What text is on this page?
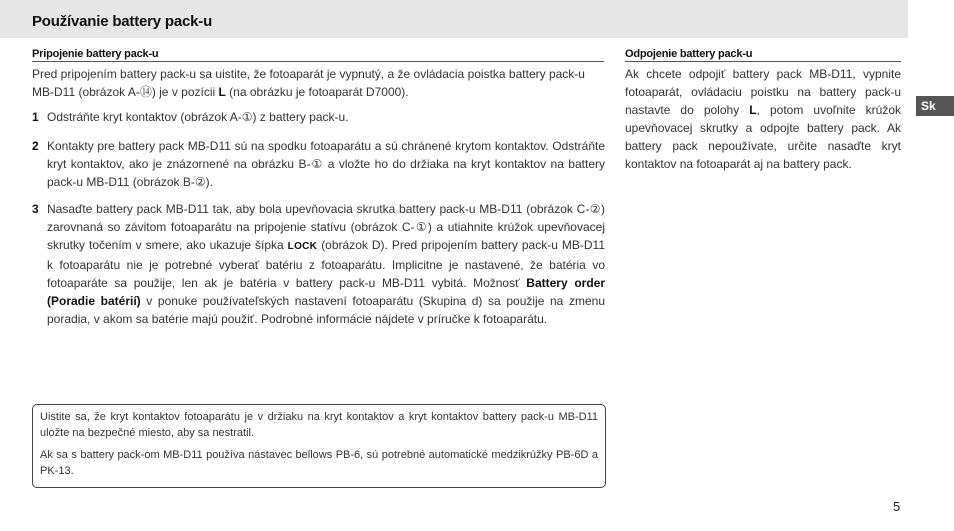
Používanie battery pack-u
Pripojenie battery pack-u
Pred pripojením battery pack-u sa uistite, že fotoaparát je vypnutý, a že ovládacia poistka battery pack-u MB-D11 (obrázok A-⑭) je v pozícii L (na obrázku je fotoaparát D7000).
1 Odstráňte kryt kontaktov (obrázok A-①) z battery pack-u.
2 Kontakty pre battery pack MB-D11 sú na spodku fotoaparátu a sú chránené krytom kontaktov. Odstráňte kryt kontaktov, ako je znázornené na obrázku B-① a vložte ho do držiaka na kryt kontaktov na battery pack-u MB-D11 (obrázok B-②).
3 Nasaďte battery pack MB-D11 tak, aby bola upevňovacia skrutka battery pack-u MB-D11 (obrázok C-②) zarovnaná so závitom fotoaparátu na pripojenie statívu (obrázok C-①) a utiahnite krúžok upevňovacej skrutky točením v smere, ako ukazuje šípka LOCK (obrázok D). Pred pripojením battery pack-u MB-D11 k fotoaparátu nie je potrebné vyberať batériu z fotoaparátu. Implicitne je nastavené, že batéria vo fotoaparáte sa použije, len ak je batéria v battery pack-u MB-D11 vybitá. Možnosť Battery order (Poradie batérií) v ponuke používateľských nastavení fotoaparátu (Skupina d) sa použije na zmenu poradia, v akom sa batérie majú použiť. Podrobné informácie nájdete v príručke k fotoaparátu.
Odpojenie battery pack-u
Ak chcete odpojiť battery pack MB-D11, vypnite fotoaparát, ovládaciu poistku na battery pack-u nastavte do polohy L, potom uvoľnite krúžok upevňovacej skrutky a odpojte battery pack. Ak battery pack nepoužívate, určite nasaďte kryt kontaktov na fotoaparát aj na battery pack.

Uistite sa, že kryt kontaktov fotoaparátu je v držiaku na kryt kontaktov a kryt kontaktov battery pack-u MB-D11 uložte na bezpečné miesto, aby sa nestratil.

Ak sa s battery pack-om MB-D11 používa nástavec bellows PB-6, sú potrebné automatické medzikrúžky PB-6D a PK-13.

Sk
5
